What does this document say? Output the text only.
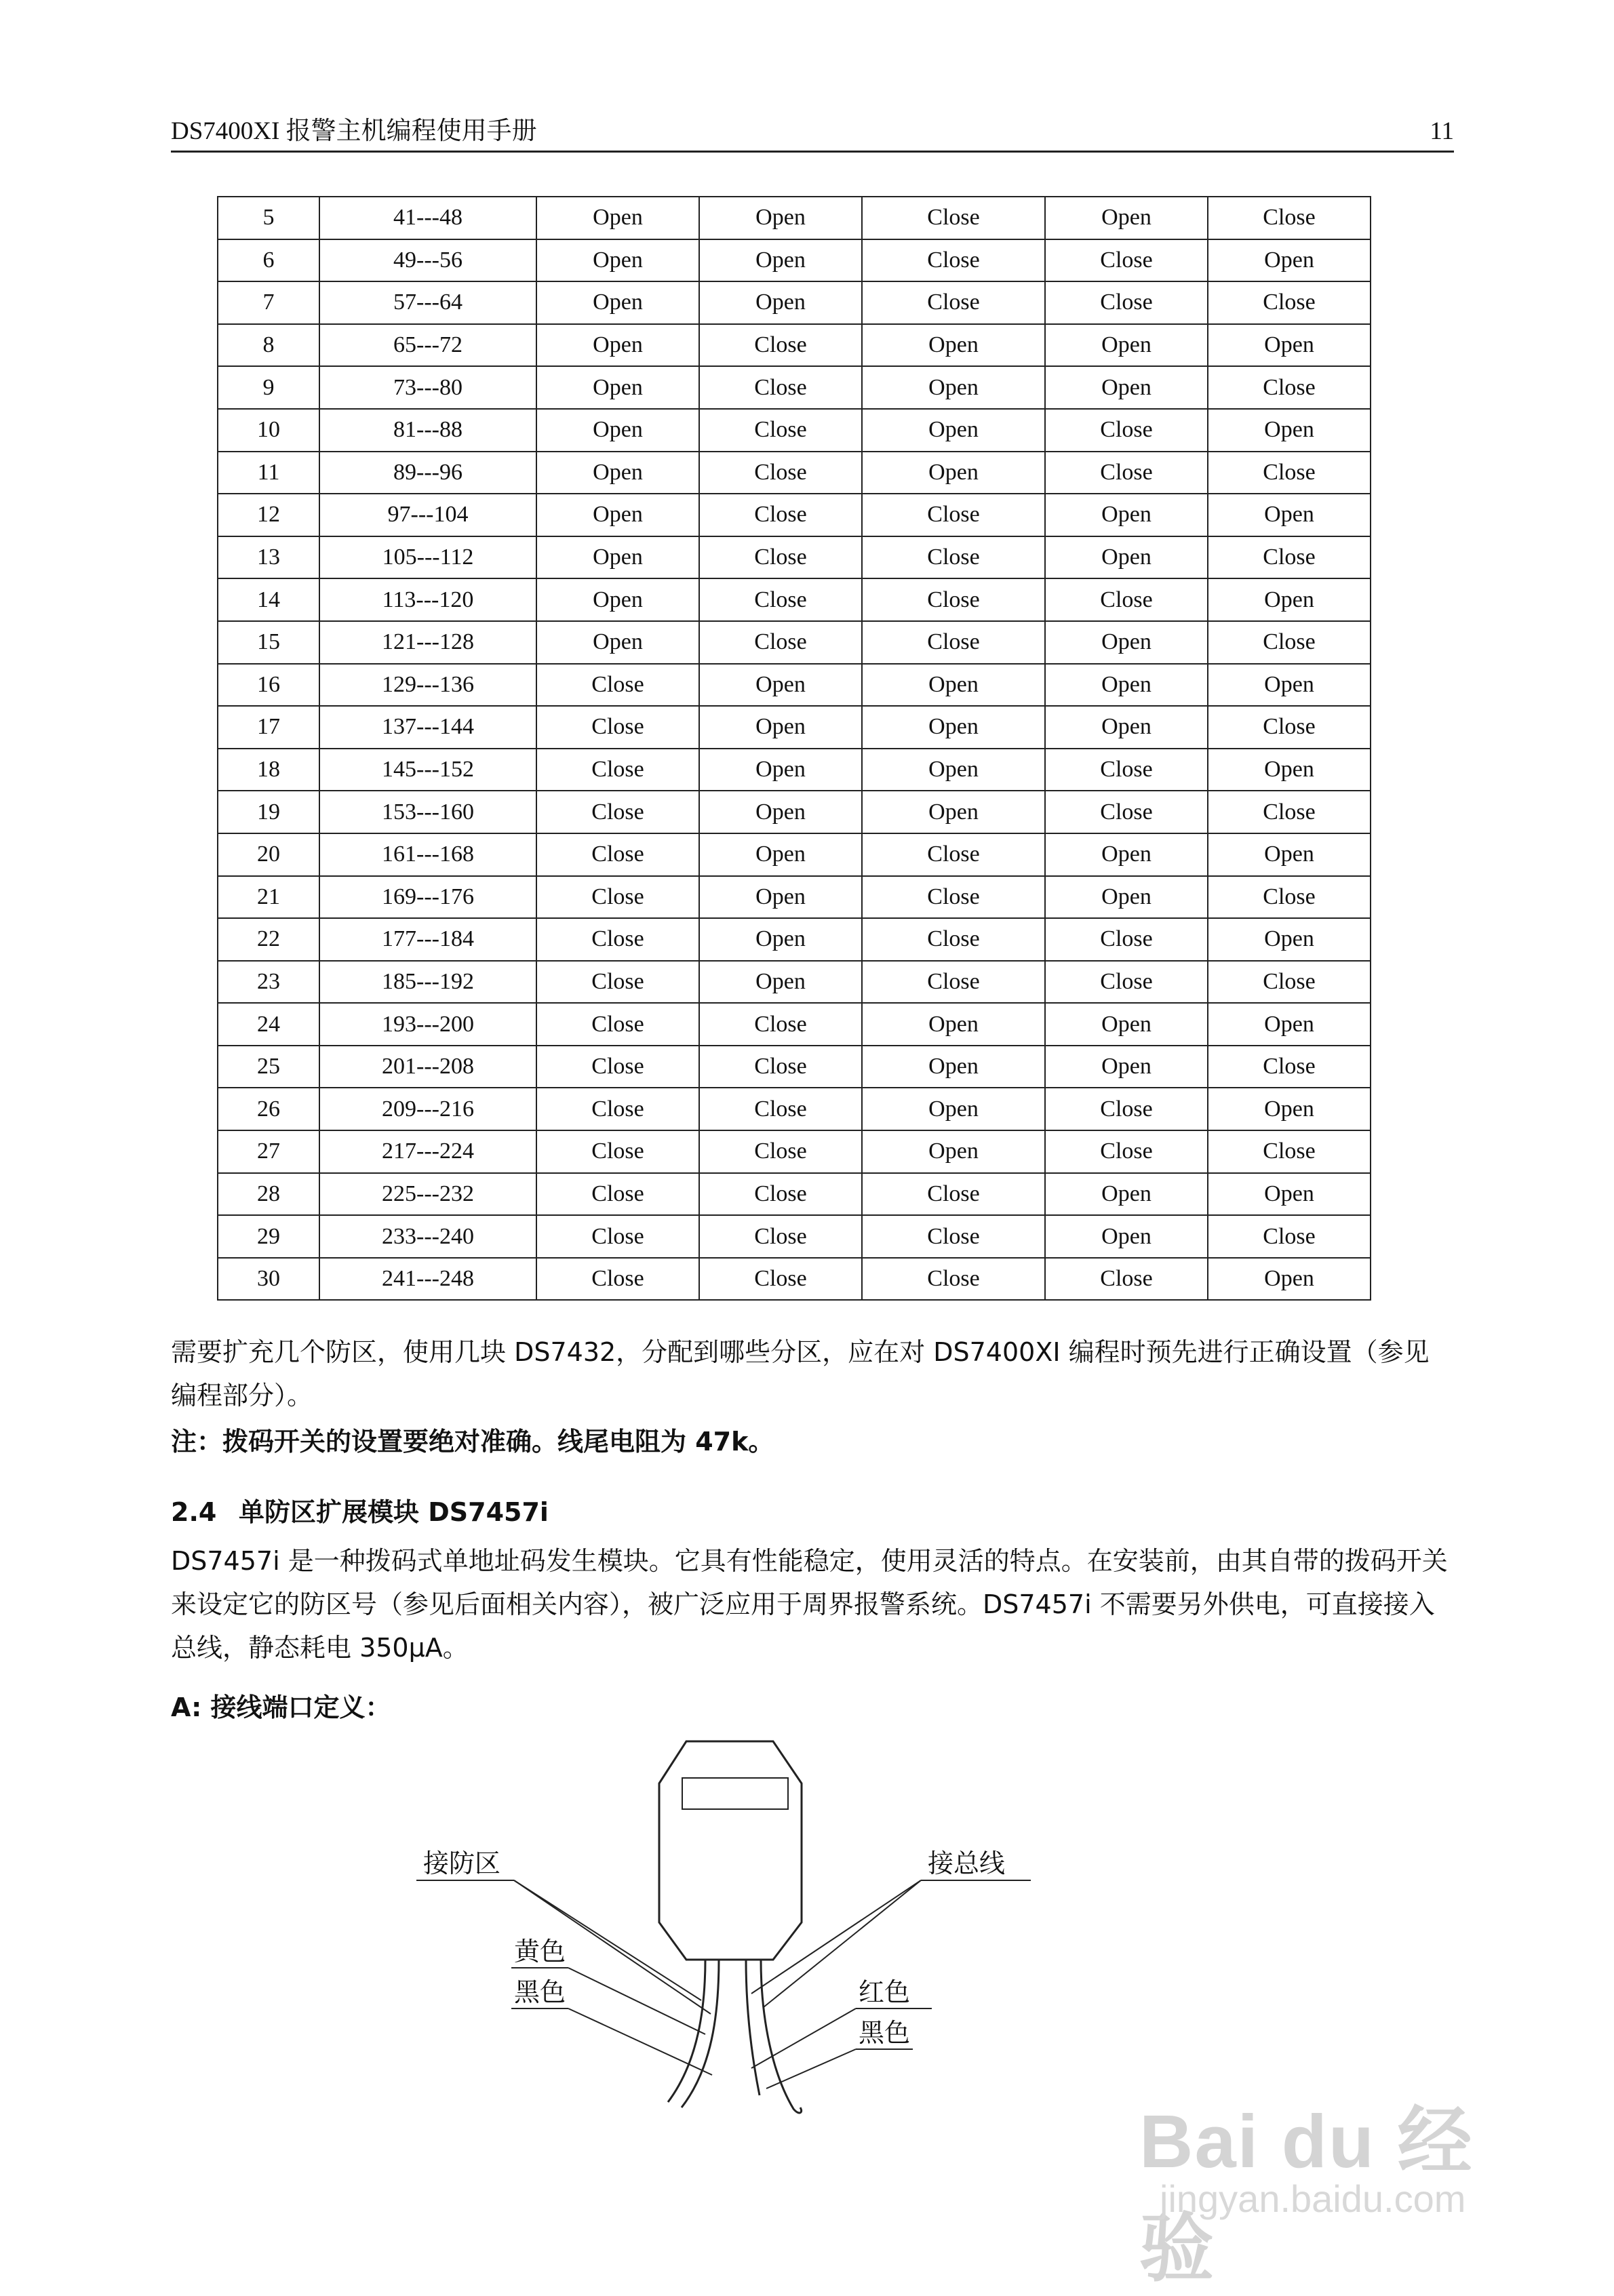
DS7400XI 报警主机编程使用手册	11
5	41---48	Open	Open	Close	Open	Close
6	49---56	Open	Open	Close	Close	Open
7	57---64	Open	Open	Close	Close	Close
8	65---72	Open	Close	Open	Open	Open
9	73---80	Open	Close	Open	Open	Close
10	81---88	Open	Close	Open	Close	Open
11	89---96	Open	Close	Open	Close	Close
12	97---104	Open	Close	Close	Open	Open
13	105---112	Open	Close	Close	Open	Close
14	113---120	Open	Close	Close	Close	Open
15	121---128	Open	Close	Close	Open	Close
16	129---136	Close	Open	Open	Open	Open
17	137---144	Close	Open	Open	Open	Close
18	145---152	Close	Open	Open	Close	Open
19	153---160	Close	Open	Open	Close	Close
20	161---168	Close	Open	Close	Open	Open
21	169---176	Close	Open	Close	Open	Close
22	177---184	Close	Open	Close	Close	Open
23	185---192	Close	Open	Close	Close	Close
24	193---200	Close	Close	Open	Open	Open
25	201---208	Close	Close	Open	Open	Close
26	209---216	Close	Close	Open	Close	Open
27	217---224	Close	Close	Open	Close	Close
28	225---232	Close	Close	Close	Open	Open
29	233---240	Close	Close	Close	Open	Close
30	241---248	Close	Close	Close	Close	Open
需要扩充几个防区，使用几块 DS7432，分配到哪些分区，应在对 DS7400XI 编程时预先进行正确设置（参见编程部分）。
注：拨码开关的设置要绝对准确。线尾电阻为 47k。
2.4 单防区扩展模块 DS7457i
DS7457i 是一种拨码式单地址码发生模块。它具有性能稳定，使用灵活的特点。在安装前，由其自带的拨码开关来设定它的防区号（参见后面相关内容），被广泛应用于周界报警系统。DS7457i 不需要另外供电，可直接接入总线，静态耗电 350μA。
A: 接线端口定义：
接防区	接总线
黄色
黑色	红色
黑色
Bai du 经验
jingyan.baidu.com
